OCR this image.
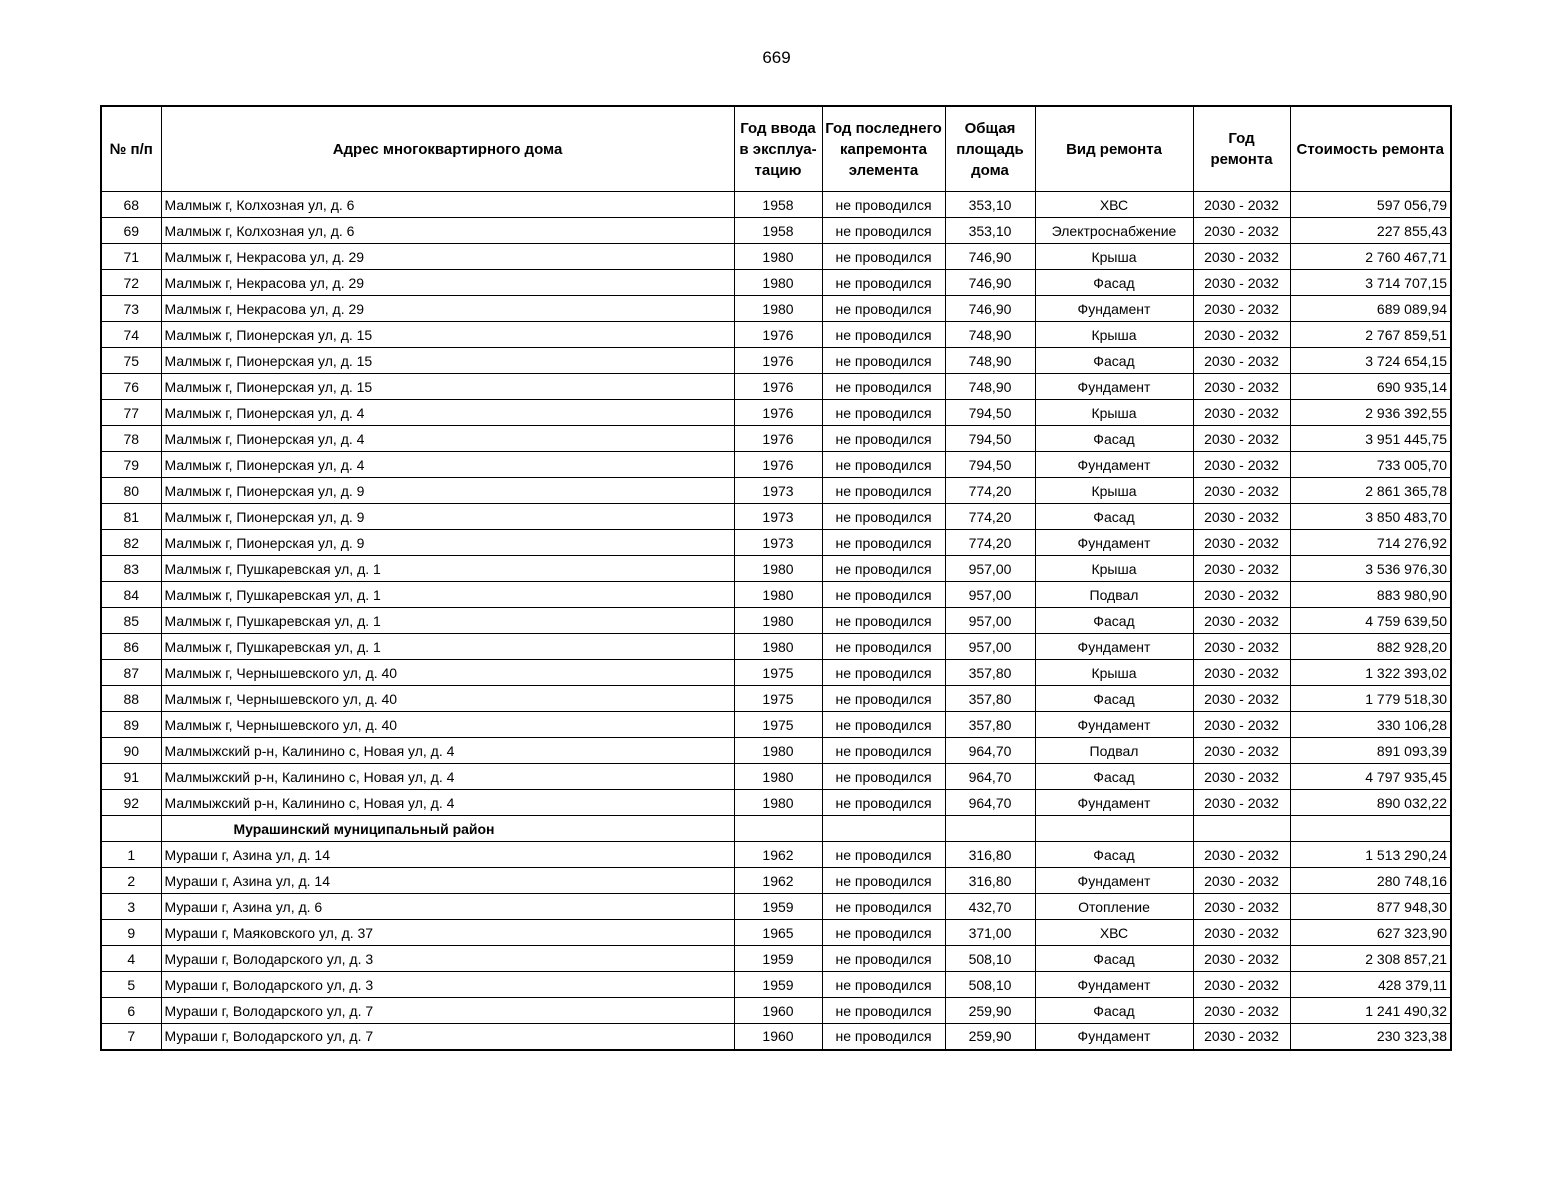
669
№ п/п	Адрес многоквартирного дома	Год ввода в эксплуа-тацию	Год последнего капремонта элемента	Общая площадь дома	Вид ремонта	Год ремонта	Стоимость ремонта
68	Малмыж г, Колхозная ул, д. 6	1958	не проводился	353,10	ХВС	2030 - 2032	597 056,79
69	Малмыж г, Колхозная ул, д. 6	1958	не проводился	353,10	Электроснабжение	2030 - 2032	227 855,43
71	Малмыж г, Некрасова ул, д. 29	1980	не проводился	746,90	Крыша	2030 - 2032	2 760 467,71
72	Малмыж г, Некрасова ул, д. 29	1980	не проводился	746,90	Фасад	2030 - 2032	3 714 707,15
73	Малмыж г, Некрасова ул, д. 29	1980	не проводился	746,90	Фундамент	2030 - 2032	689 089,94
74	Малмыж г, Пионерская ул, д. 15	1976	не проводился	748,90	Крыша	2030 - 2032	2 767 859,51
75	Малмыж г, Пионерская ул, д. 15	1976	не проводился	748,90	Фасад	2030 - 2032	3 724 654,15
76	Малмыж г, Пионерская ул, д. 15	1976	не проводился	748,90	Фундамент	2030 - 2032	690 935,14
77	Малмыж г, Пионерская ул, д. 4	1976	не проводился	794,50	Крыша	2030 - 2032	2 936 392,55
78	Малмыж г, Пионерская ул, д. 4	1976	не проводился	794,50	Фасад	2030 - 2032	3 951 445,75
79	Малмыж г, Пионерская ул, д. 4	1976	не проводился	794,50	Фундамент	2030 - 2032	733 005,70
80	Малмыж г, Пионерская ул, д. 9	1973	не проводился	774,20	Крыша	2030 - 2032	2 861 365,78
81	Малмыж г, Пионерская ул, д. 9	1973	не проводился	774,20	Фасад	2030 - 2032	3 850 483,70
82	Малмыж г, Пионерская ул, д. 9	1973	не проводился	774,20	Фундамент	2030 - 2032	714 276,92
83	Малмыж г, Пушкаревская ул, д. 1	1980	не проводился	957,00	Крыша	2030 - 2032	3 536 976,30
84	Малмыж г, Пушкаревская ул, д. 1	1980	не проводился	957,00	Подвал	2030 - 2032	883 980,90
85	Малмыж г, Пушкаревская ул, д. 1	1980	не проводился	957,00	Фасад	2030 - 2032	4 759 639,50
86	Малмыж г, Пушкаревская ул, д. 1	1980	не проводился	957,00	Фундамент	2030 - 2032	882 928,20
87	Малмыж г, Чернышевского ул, д. 40	1975	не проводился	357,80	Крыша	2030 - 2032	1 322 393,02
88	Малмыж г, Чернышевского ул, д. 40	1975	не проводился	357,80	Фасад	2030 - 2032	1 779 518,30
89	Малмыж г, Чернышевского ул, д. 40	1975	не проводился	357,80	Фундамент	2030 - 2032	330 106,28
90	Малмыжский р-н, Калинино с, Новая ул, д. 4	1980	не проводился	964,70	Подвал	2030 - 2032	891 093,39
91	Малмыжский р-н, Калинино с, Новая ул, д. 4	1980	не проводился	964,70	Фасад	2030 - 2032	4 797 935,45
92	Малмыжский р-н, Калинино с, Новая ул, д. 4	1980	не проводился	964,70	Фундамент	2030 - 2032	890 032,22
	Мурашинский муниципальный район						
1	Мураши г, Азина ул, д. 14	1962	не проводился	316,80	Фасад	2030 - 2032	1 513 290,24
2	Мураши г, Азина ул, д. 14	1962	не проводился	316,80	Фундамент	2030 - 2032	280 748,16
3	Мураши г, Азина ул, д. 6	1959	не проводился	432,70	Отопление	2030 - 2032	877 948,30
9	Мураши г, Маяковского ул, д. 37	1965	не проводился	371,00	ХВС	2030 - 2032	627 323,90
4	Мураши г, Володарского ул, д. 3	1959	не проводился	508,10	Фасад	2030 - 2032	2 308 857,21
5	Мураши г, Володарского ул, д. 3	1959	не проводился	508,10	Фундамент	2030 - 2032	428 379,11
6	Мураши г, Володарского ул, д. 7	1960	не проводился	259,90	Фасад	2030 - 2032	1 241 490,32
7	Мураши г, Володарского ул, д. 7	1960	не проводился	259,90	Фундамент	2030 - 2032	230 323,38
